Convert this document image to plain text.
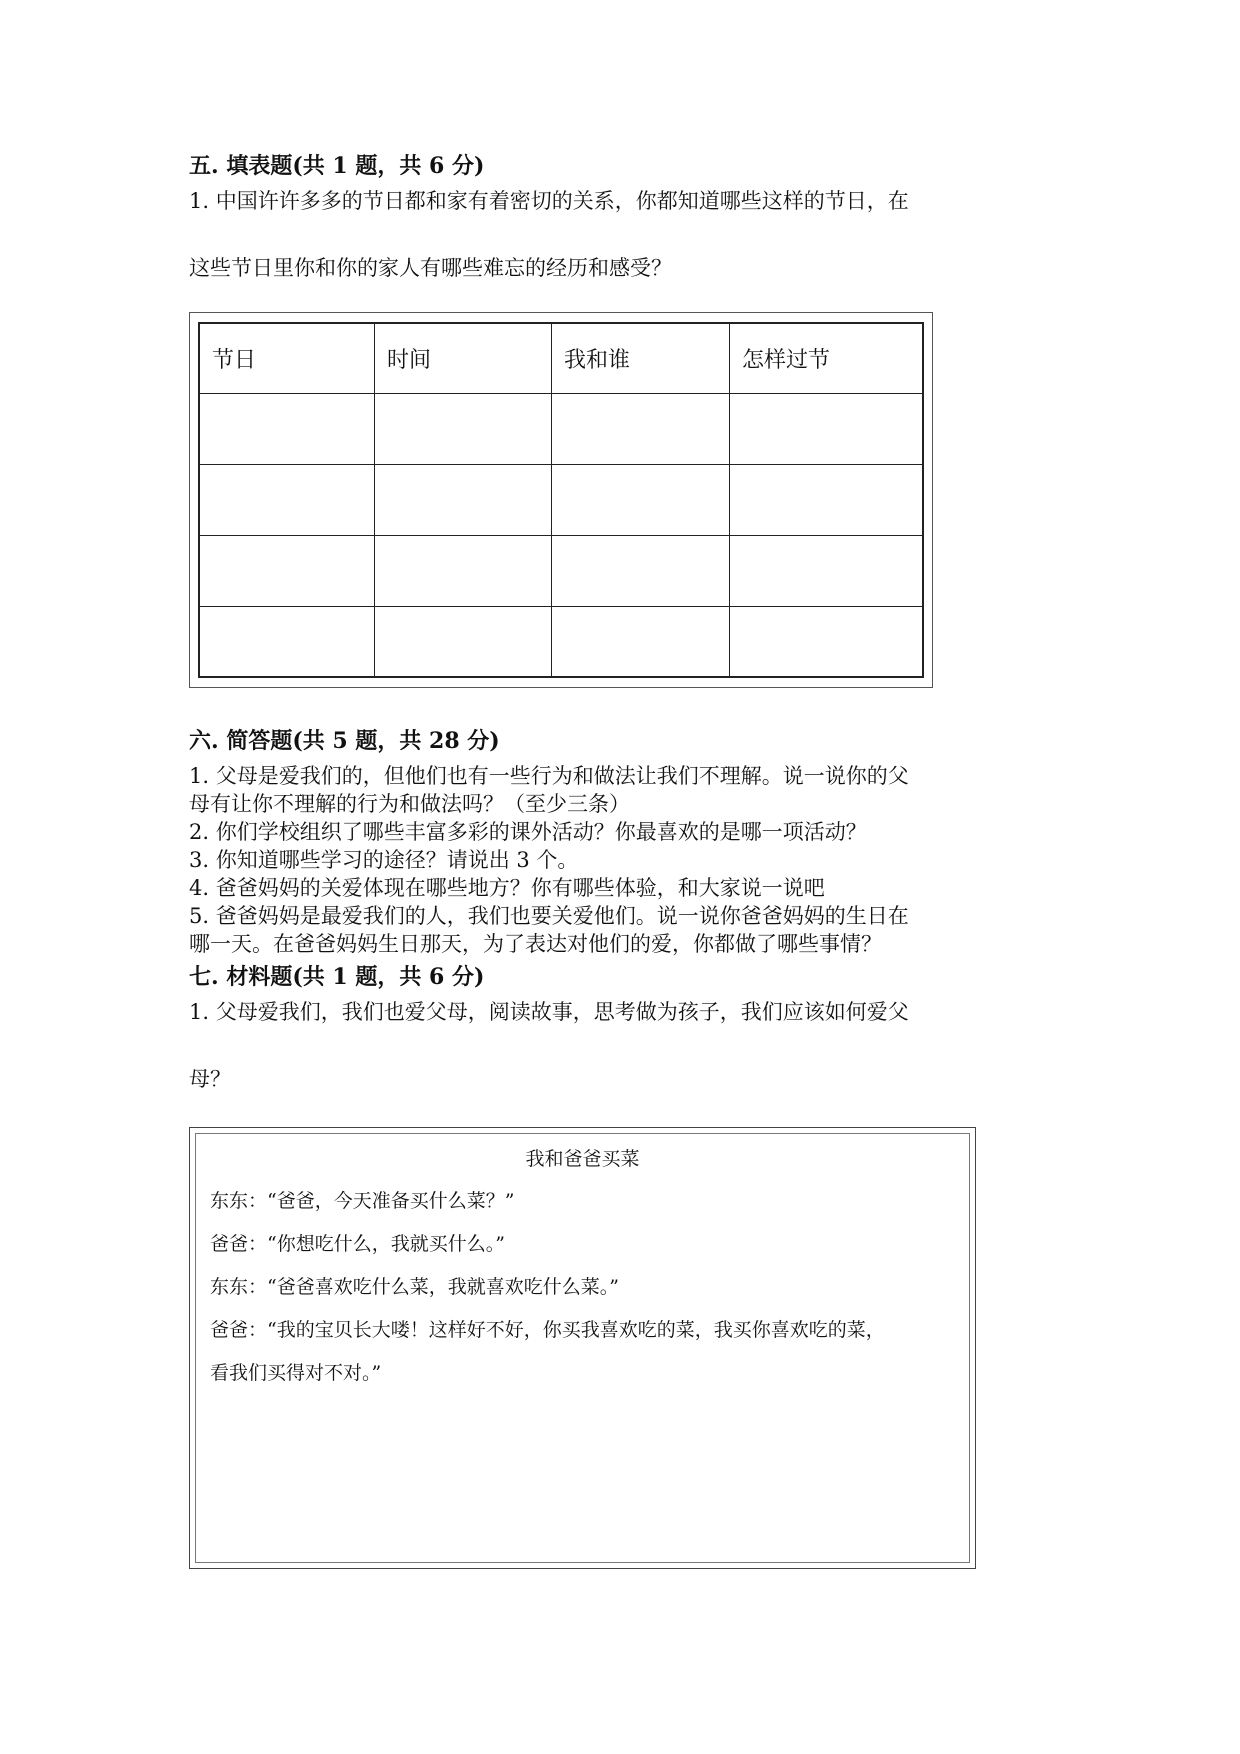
五. 填表题(共 1 题，共 6 分)
1. 中国许许多多的节日都和家有着密切的关系，你都知道哪些这样的节日，在
这些节日里你和你的家人有哪些难忘的经历和感受？
节日	时间	我和谁	怎样过节

六. 简答题(共 5 题，共 28 分)
1. 父母是爱我们的，但他们也有一些行为和做法让我们不理解。说一说你的父
母有让你不理解的行为和做法吗？（至少三条）
2. 你们学校组织了哪些丰富多彩的课外活动？你最喜欢的是哪一项活动？
3. 你知道哪些学习的途径？请说出 3 个。
4. 爸爸妈妈的关爱体现在哪些地方？你有哪些体验，和大家说一说吧
5. 爸爸妈妈是最爱我们的人，我们也要关爱他们。说一说你爸爸妈妈的生日在
哪一天。在爸爸妈妈生日那天，为了表达对他们的爱，你都做了哪些事情？
七. 材料题(共 1 题，共 6 分)
1. 父母爱我们，我们也爱父母，阅读故事，思考做为孩子，我们应该如何爱父
母？
我和爸爸买菜
东东：“爸爸，今天准备买什么菜？”
爸爸：“你想吃什么，我就买什么。”
东东：“爸爸喜欢吃什么菜，我就喜欢吃什么菜。”
爸爸：“我的宝贝长大喽！这样好不好，你买我喜欢吃的菜，我买你喜欢吃的菜，
看我们买得对不对。”
